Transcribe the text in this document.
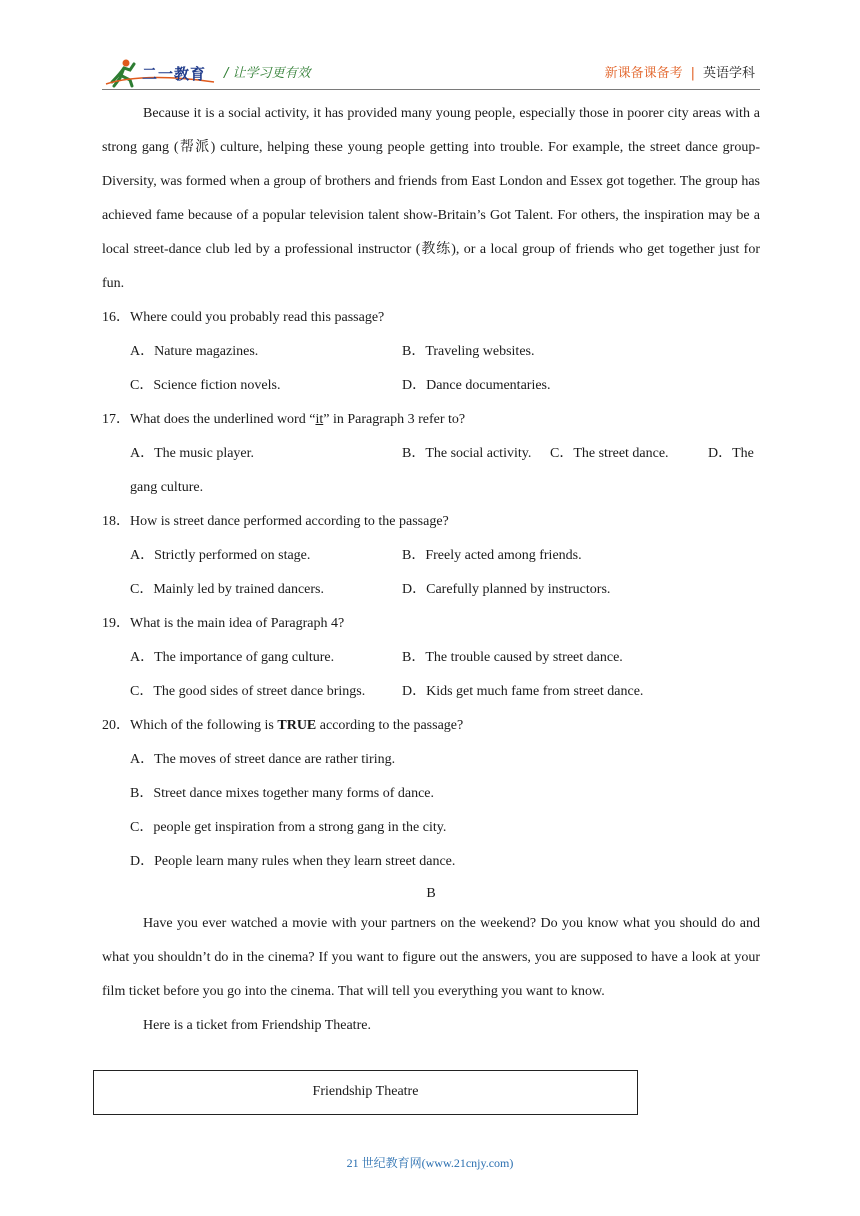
二一教育 / 让学习更有效	新课备课备考 | 英语学科

Because it is a social activity, it has provided many young people, especially those in poorer city areas with a strong gang (帮派) culture, helping these young people getting into trouble. For example, the street dance group-Diversity, was formed when a group of brothers and friends from East London and Essex got together. The group has achieved fame because of a popular television talent show-Britain’s Got Talent. For others, the inspiration may be a local street-dance club led by a professional instructor (教练), or a local group of friends who get together just for fun.

16．Where could you probably read this passage?

A．Nature magazines.	B．Traveling websites.
C．Science fiction novels.	D．Dance documentaries.

17．What does the underlined word “it” in Paragraph 3 refer to?

A．The music player.	B．The social activity. C．The street dance.	D．The
gang culture.

18．How is street dance performed according to the passage?

A．Strictly performed on stage.	B．Freely acted among friends.
C．Mainly led by trained dancers.	D．Carefully planned by instructors.

19．What is the main idea of Paragraph 4?

A．The importance of gang culture.	B．The trouble caused by street dance.
C．The good sides of street dance brings.	D．Kids get much fame from street dance.

20．Which of the following is TRUE according to the passage?

A．The moves of street dance are rather tiring.

B．Street dance mixes together many forms of dance.

C．people get inspiration from a strong gang in the city.

D．People learn many rules when they learn street dance.

B

Have you ever watched a movie with your partners on the weekend? Do you know what you should do and what you shouldn’t do in the cinema? If you want to figure out the answers, you are supposed to have a look at your film ticket before you go into the cinema. That will tell you everything you want to know.

Here is a ticket from Friendship Theatre.

Friendship Theatre
21 世纪教育网(www.21cnjy.com)
